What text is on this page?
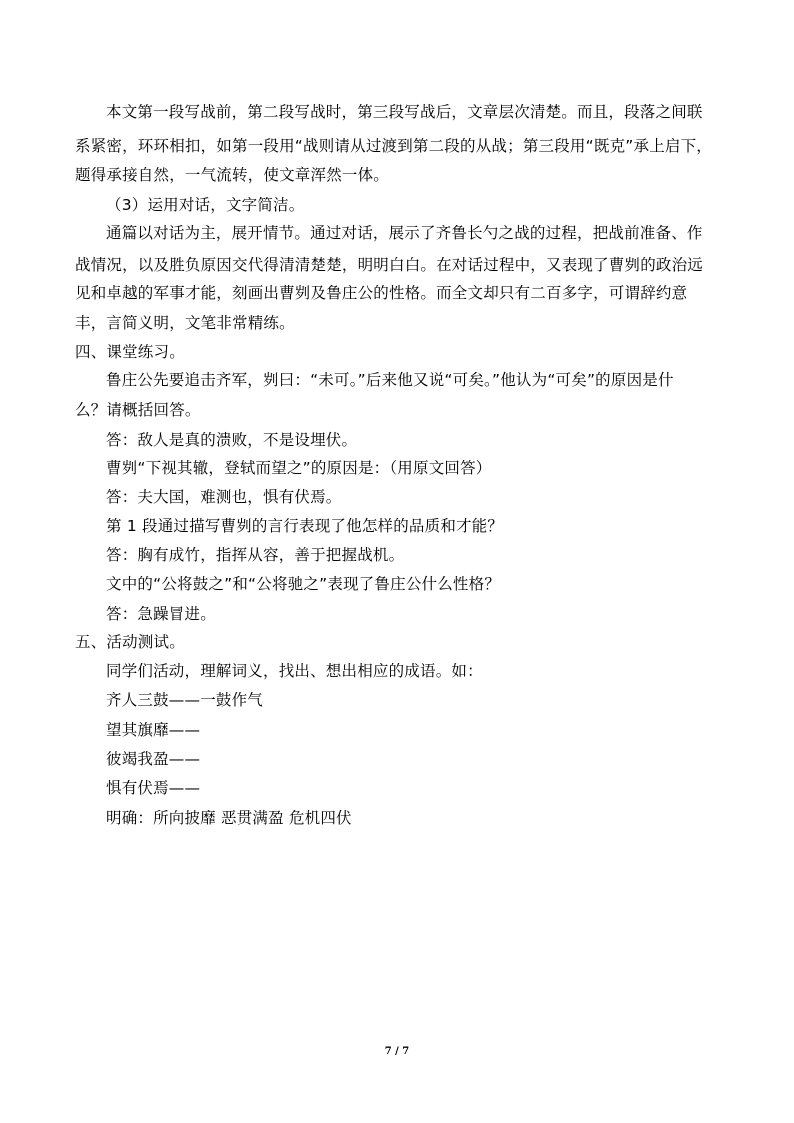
本文第一段写战前，第二段写战时，第三段写战后，文章层次清楚。而且，段落之间联
系紧密，环环相扣，如第一段用“战则请从过渡到第二段的从战；第三段用“既克”承上启下，
题得承接自然，一气流转，使文章浑然一体。
（3）运用对话，文字简洁。
通篇以对话为主，展开情节。通过对话，展示了齐鲁长勺之战的过程，把战前准备、作
战情况，以及胜负原因交代得清清楚楚，明明白白。在对话过程中，又表现了曹刿的政治远
见和卓越的军事才能，刻画出曹刿及鲁庄公的性格。而全文却只有二百多字，可谓辞约意
丰，言简义明，文笔非常精练。
四、课堂练习。
鲁庄公先要追击齐军，刿曰：“未可。”后来他又说“可矣。”他认为“可矣”的原因是什
么？请概括回答。
答：敌人是真的溃败，不是设埋伏。
曹刿“下视其辙，登轼而望之”的原因是：（用原文回答）
答：夫大国，难测也，惧有伏焉。
第 1 段通过描写曹刿的言行表现了他怎样的品质和才能？
答：胸有成竹，指挥从容，善于把握战机。
文中的“公将鼓之”和“公将驰之”表现了鲁庄公什么性格？
答：急躁冒进。
五、活动测试。
同学们活动，理解词义，找出、想出相应的成语。如：
齐人三鼓——一鼓作气
望其旗靡——
彼竭我盈——
惧有伏焉——
明确：所向披靡 恶贯满盈 危机四伏
7 / 7
